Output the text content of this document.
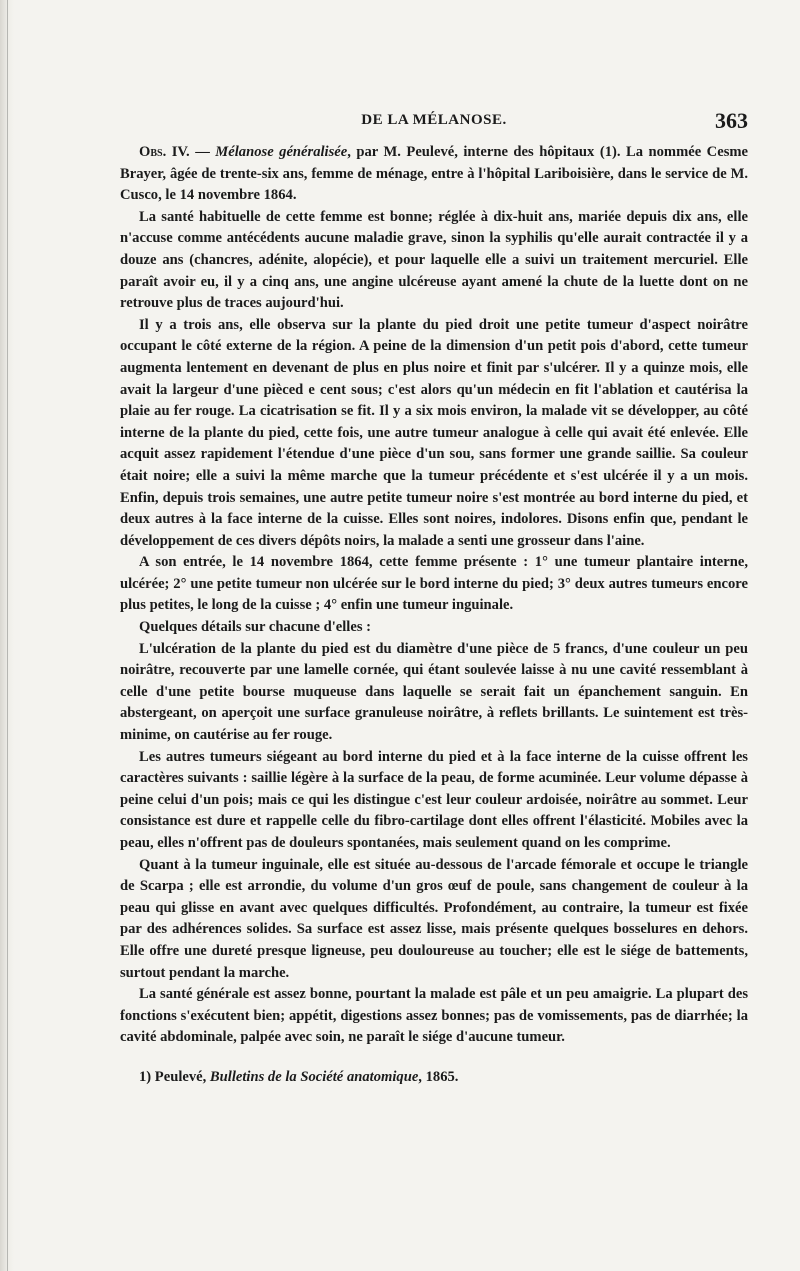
DE LA MÉLANOSE.	363

Obs. IV. — Mélanose généralisée, par M. Peulevé, interne des hôpitaux (1). La nommée Cesme Brayer, âgée de trente-six ans, femme de ménage, entre à l'hôpital Lariboisière, dans le service de M. Cusco, le 14 novembre 1864.

La santé habituelle de cette femme est bonne; réglée à dix-huit ans, mariée depuis dix ans, elle n'accuse comme antécédents aucune maladie grave, sinon la syphilis qu'elle aurait contractée il y a douze ans (chancres, adénite, alopécie), et pour laquelle elle a suivi un traitement mercuriel. Elle paraît avoir eu, il y a cinq ans, une angine ulcéreuse ayant amené la chute de la luette dont on ne retrouve plus de traces aujourd'hui.

Il y a trois ans, elle observa sur la plante du pied droit une petite tumeur d'aspect noirâtre occupant le côté externe de la région. A peine de la dimension d'un petit pois d'abord, cette tumeur augmenta lentement en devenant de plus en plus noire et finit par s'ulcérer. Il y a quinze mois, elle avait la largeur d'une pièced e cent sous; c'est alors qu'un médecin en fit l'ablation et cautérisa la plaie au fer rouge. La cicatrisation se fit. Il y a six mois environ, la malade vit se développer, au côté interne de la plante du pied, cette fois, une autre tumeur analogue à celle qui avait été enlevée. Elle acquit assez rapidement l'étendue d'une pièce d'un sou, sans former une grande saillie. Sa couleur était noire; elle a suivi la même marche que la tumeur précédente et s'est ulcérée il y a un mois. Enfin, depuis trois semaines, une autre petite tumeur noire s'est montrée au bord interne du pied, et deux autres à la face interne de la cuisse. Elles sont noires, indolores. Disons enfin que, pendant le développement de ces divers dépôts noirs, la malade a senti une grosseur dans l'aine.

A son entrée, le 14 novembre 1864, cette femme présente : 1° une tumeur plantaire interne, ulcérée; 2° une petite tumeur non ulcérée sur le bord interne du pied; 3° deux autres tumeurs encore plus petites, le long de la cuisse ; 4° enfin une tumeur inguinale.

Quelques détails sur chacune d'elles :

L'ulcération de la plante du pied est du diamètre d'une pièce de 5 francs, d'une couleur un peu noirâtre, recouverte par une lamelle cornée, qui étant soulevée laisse à nu une cavité ressemblant à celle d'une petite bourse muqueuse dans laquelle se serait fait un épanchement sanguin. En abstergeant, on aperçoit une surface granuleuse noirâtre, à reflets brillants. Le suintement est très-minime, on cautérise au fer rouge.

Les autres tumeurs siégeant au bord interne du pied et à la face interne de la cuisse offrent les caractères suivants : saillie légère à la surface de la peau, de forme acuminée. Leur volume dépasse à peine celui d'un pois; mais ce qui les distingue c'est leur couleur ardoisée, noirâtre au sommet. Leur consistance est dure et rappelle celle du fibro-cartilage dont elles offrent l'élasticité. Mobiles avec la peau, elles n'offrent pas de douleurs spontanées, mais seulement quand on les comprime.

Quant à la tumeur inguinale, elle est située au-dessous de l'arcade fémorale et occupe le triangle de Scarpa ; elle est arrondie, du volume d'un gros œuf de poule, sans changement de couleur à la peau qui glisse en avant avec quelques difficultés. Profondément, au contraire, la tumeur est fixée par des adhérences solides. Sa surface est assez lisse, mais présente quelques bosselures en dehors. Elle offre une dureté presque ligneuse, peu douloureuse au toucher; elle est le siége de battements, surtout pendant la marche.

La santé générale est assez bonne, pourtant la malade est pâle et un peu amaigrie. La plupart des fonctions s'exécutent bien; appétit, digestions assez bonnes; pas de vomissements, pas de diarrhée; la cavité abdominale, palpée avec soin, ne paraît le siége d'aucune tumeur.

1) Peulevé, Bulletins de la Société anatomique, 1865.
